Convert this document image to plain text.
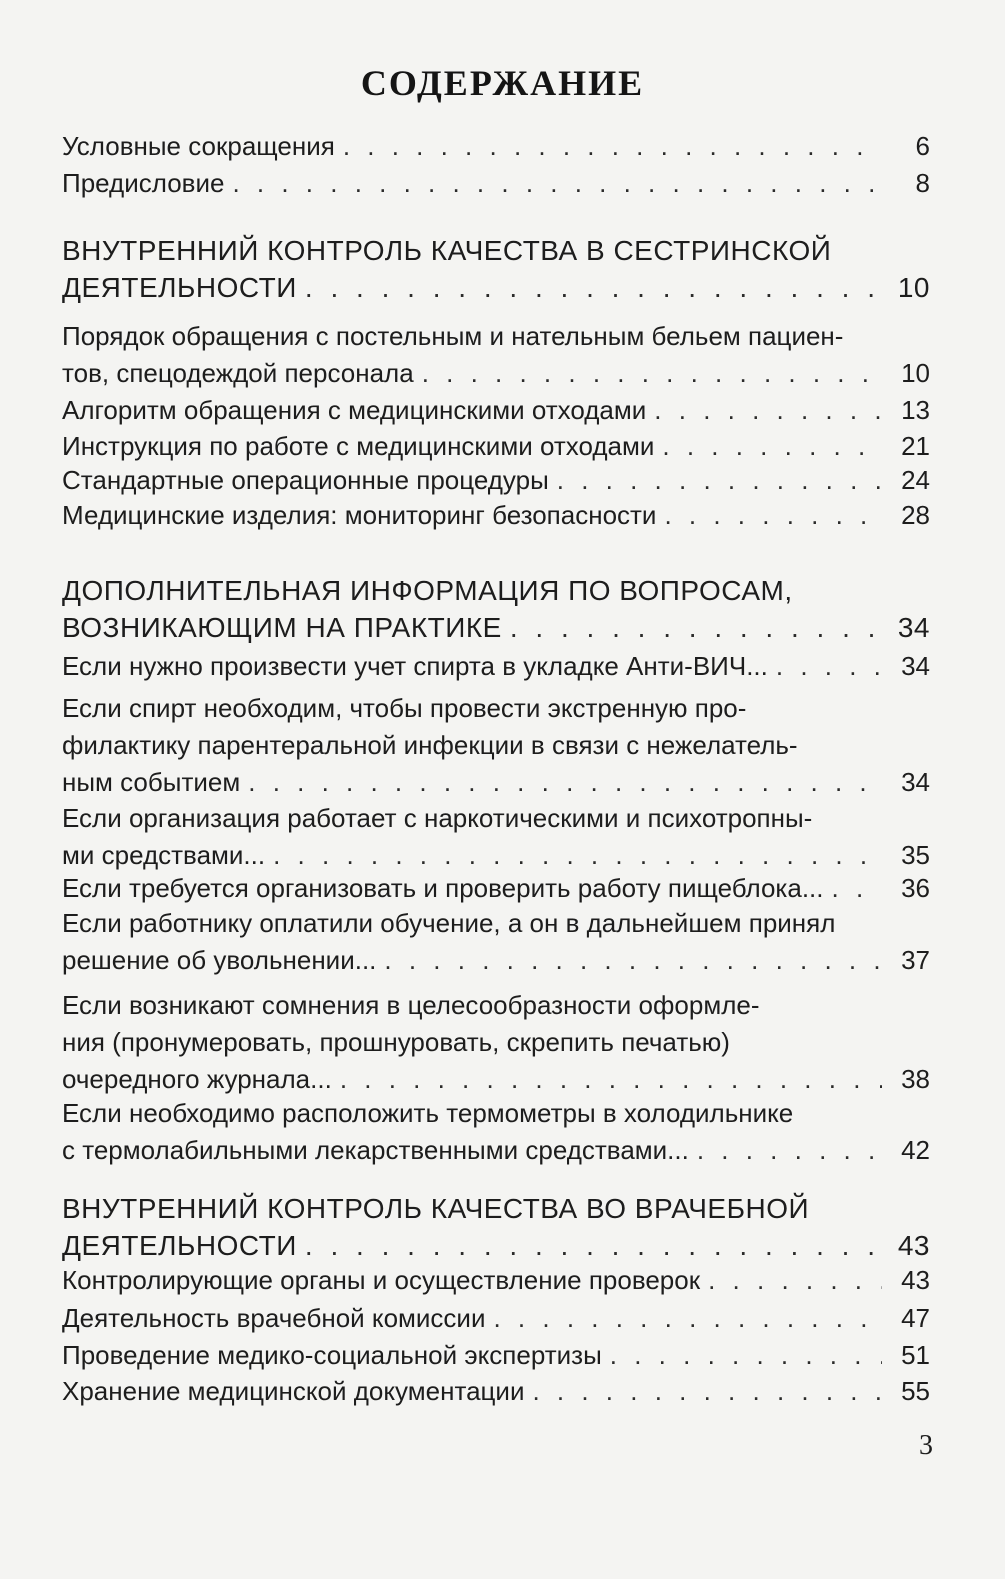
СОДЕРЖАНИЕ
Условные сокращения . . .	6
Предисловие . . .	8
ВНУТРЕННИЙ КОНТРОЛЬ КАЧЕСТВА В СЕСТРИНСКОЙ
ДЕЯТЕЛЬНОСТИ . . .	10
Порядок обращения с постельным и нательным бельем пациен-
тов, спецодеждой персонала . . .	10
Алгоритм обращения с медицинскими отходами . . .	13
Инструкция по работе с медицинскими отходами . . .	21
Стандартные операционные процедуры . . .	24
Медицинские изделия: мониторинг безопасности . . .	28
ДОПОЛНИТЕЛЬНАЯ ИНФОРМАЦИЯ ПО ВОПРОСАМ,
ВОЗНИКАЮЩИМ НА ПРАКТИКЕ . . .	34
Если нужно произвести учет спирта в укладке Анти-ВИЧ... . . .	34
Если спирт необходим, чтобы провести экстренную про-
филактику парентеральной инфекции в связи с нежелатель-
ным событием . . .	34
Если организация работает с наркотическими и психотропны-
ми средствами... . . .	35
Если требуется организовать и проверить работу пищеблока... . . .	36
Если работнику оплатили обучение, а он в дальнейшем принял
решение об увольнении... . . .	37
Если возникают сомнения в целесообразности оформле-
ния (пронумеровать, прошнуровать, скрепить печатью)
очередного журнала... . . .	38
Если необходимо расположить термометры в холодильнике
с термолабильными лекарственными средствами... . . .	42
ВНУТРЕННИЙ КОНТРОЛЬ КАЧЕСТВА ВО ВРАЧЕБНОЙ
ДЕЯТЕЛЬНОСТИ . . .	43
Контролирующие органы и осуществление проверок . . .	43
Деятельность врачебной комиссии . . .	47
Проведение медико-социальной экспертизы . . .	51
Хранение медицинской документации . . .	55
3
